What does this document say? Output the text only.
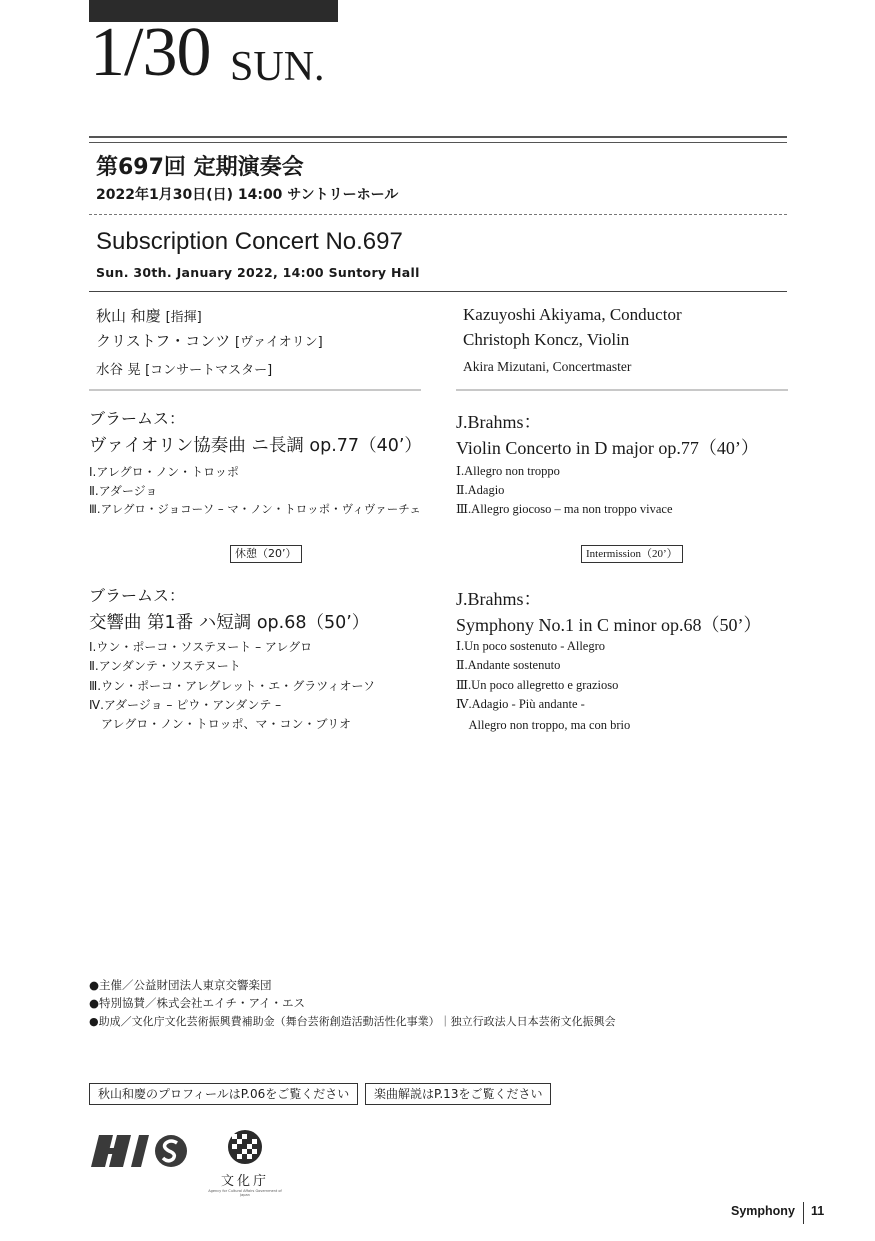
1/30 SUN.
第697回 定期演奏会
2022年1月30日(日) 14:00 サントリーホール
Subscription Concert No.697
Sun. 30th. January 2022, 14:00 Suntory Hall
秋山 和慶 [指揮]
クリストフ・コンツ [ヴァイオリン]
水谷 晃 [コンサートマスター]
Kazuyoshi Akiyama, Conductor
Christoph Koncz, Violin
Akira Mizutani, Concertmaster
ブラームス：
ヴァイオリン協奏曲 ニ長調 op.77（40’）
Ⅰ.アレグロ・ノン・トロッポ
Ⅱ.アダージョ
Ⅲ.アレグロ・ジョコーソ – マ・ノン・トロッポ・ヴィヴァーチェ
J.Brahms：
Violin Concerto in D major op.77（40’）
Ⅰ.Allegro non troppo
Ⅱ.Adagio
Ⅲ.Allegro giocoso – ma non troppo vivace
休憩（20’）	Intermission（20’）
ブラームス：
交響曲 第1番 ハ短調 op.68（50’）
Ⅰ.ウン・ポーコ・ソステヌート – アレグロ
Ⅱ.アンダンテ・ソステヌート
Ⅲ.ウン・ポーコ・アレグレット・エ・グラツィオーソ
Ⅳ.アダージョ – ピウ・アンダンテ –
　アレグロ・ノン・トロッポ、マ・コン・ブリオ
J.Brahms：
Symphony No.1 in C minor op.68（50’）
Ⅰ.Un poco sostenuto - Allegro
Ⅱ.Andante sostenuto
Ⅲ.Un poco allegretto e grazioso
Ⅳ.Adagio - Più andante -
　Allegro non troppo, ma con brio
●主催／公益財団法人東京交響楽団
●特別協賛／株式会社エイチ・アイ・エス
●助成／文化庁文化芸術振興費補助金（舞台芸術創造活動活性化事業）｜独立行政法人日本芸術文化振興会
秋山和慶のプロフィールはP.06をご覧ください	楽曲解説はP.13をご覧ください
文化庁
Agency for Cultural Affairs Government of Japan
Symphony 11
